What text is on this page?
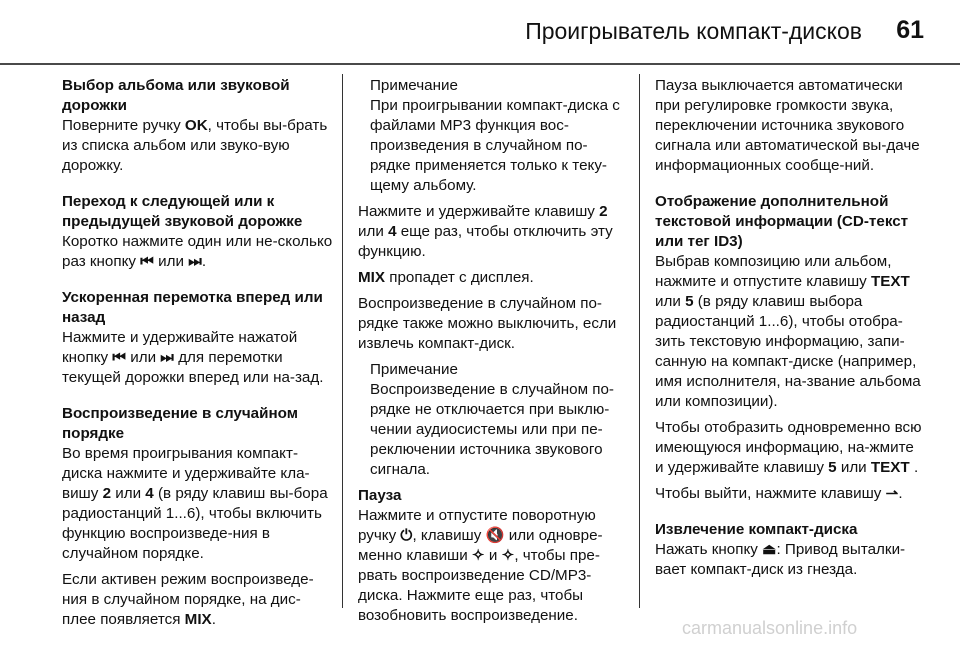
Проигрыватель компакт-дисков 61
Выбор альбома или звуковой дорожки
Поверните ручку OK, чтобы вы-брать из списка альбом или звуко-вую дорожку.
Переход к следующей или к предыдущей звуковой дорожке
Коротко нажмите один или не-сколько раз кнопку ⏮ или ⏭.
Ускоренная перемотка вперед или назад
Нажмите и удерживайте нажатой кнопку ⏮ или ⏭ для перемотки текущей дорожки вперед или на-зад.
Воспроизведение в случайном порядке
Во время проигрывания компакт-диска нажмите и удерживайте кла-вишу 2 или 4 (в ряду клавиш вы-бора радиостанций 1...6), чтобы включить функцию воспроизведе-ния в случайном порядке.
Если активен режим воспроизведе-ния в случайном порядке, на дис-плее появляется MIX.
Примечание
При проигрывании компакт-диска с файлами MP3 функция вос-произведения в случайном по-рядке применяется только к теку-щему альбому.
Нажмите и удерживайте клавишу 2 или 4 еще раз, чтобы отключить эту функцию.
MIX пропадет с дисплея.
Воспроизведение в случайном по-рядке также можно выключить, если извлечь компакт-диск.
Примечание
Воспроизведение в случайном по-рядке не отключается при выклю-чении аудиосистемы или при пе-реключении источника звукового сигнала.
Пауза
Нажмите и отпустите поворотную ручку ⏻, клавишу 🔇 или одновре-менно клавиши ✧ и ✧, чтобы пре-рвать воспроизведение CD/MP3-диска. Нажмите еще раз, чтобы возобновить воспроизведение.
Пауза выключается автоматически при регулировке громкости звука, переключении источника звукового сигнала или автоматической вы-даче информационных сообще-ний.
Отображение дополнительной текстовой информации (CD-текст или тег ID3)
Выбрав композицию или альбом, нажмите и отпустите клавишу TEXT или 5 (в ряду клавиш выбора радиостанций 1...6), чтобы отобра-зить текстовую информацию, запи-санную на компакт-диске (например, имя исполнителя, на-звание альбома или композиции).
Чтобы отобразить одновременно всю имеющуюся информацию, на-жмите и удерживайте клавишу 5 или TEXT .
Чтобы выйти, нажмите клавишу ⇀.
Извлечение компакт-диска
Нажать кнопку ⏏: Привод выталки-вает компакт-диск из гнезда.
carmanualsonline.info
